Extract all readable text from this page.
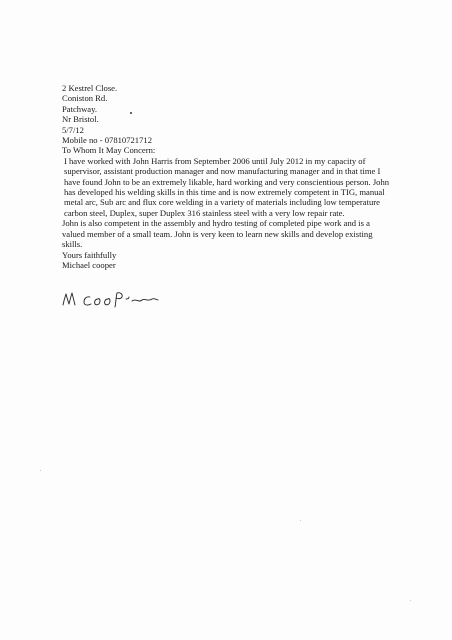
2 Kestrel Close.
Coniston Rd.
Patchway.
Nr Bristol.
5/7/12
Mobile no - 07810721712
To Whom It May Concern:
I have worked with John Harris from September 2006 until July 2012 in my capacity of supervisor, assistant production manager and now manufacturing manager and in that time I have found John to be an extremely likable, hard working and very conscientious person. John has developed his welding skills in this time and is now extremely competent in TIG, manual metal arc, Sub arc and flux core welding in a variety of materials including low temperature carbon steel, Duplex, super Duplex 316 stainless steel with a very low repair rate.
John is also competent in the assembly and hydro testing of completed pipe work and is a valued member of a small team. John is very keen to learn new skills and develop existing skills.
Yours faithfully
Michael cooper
